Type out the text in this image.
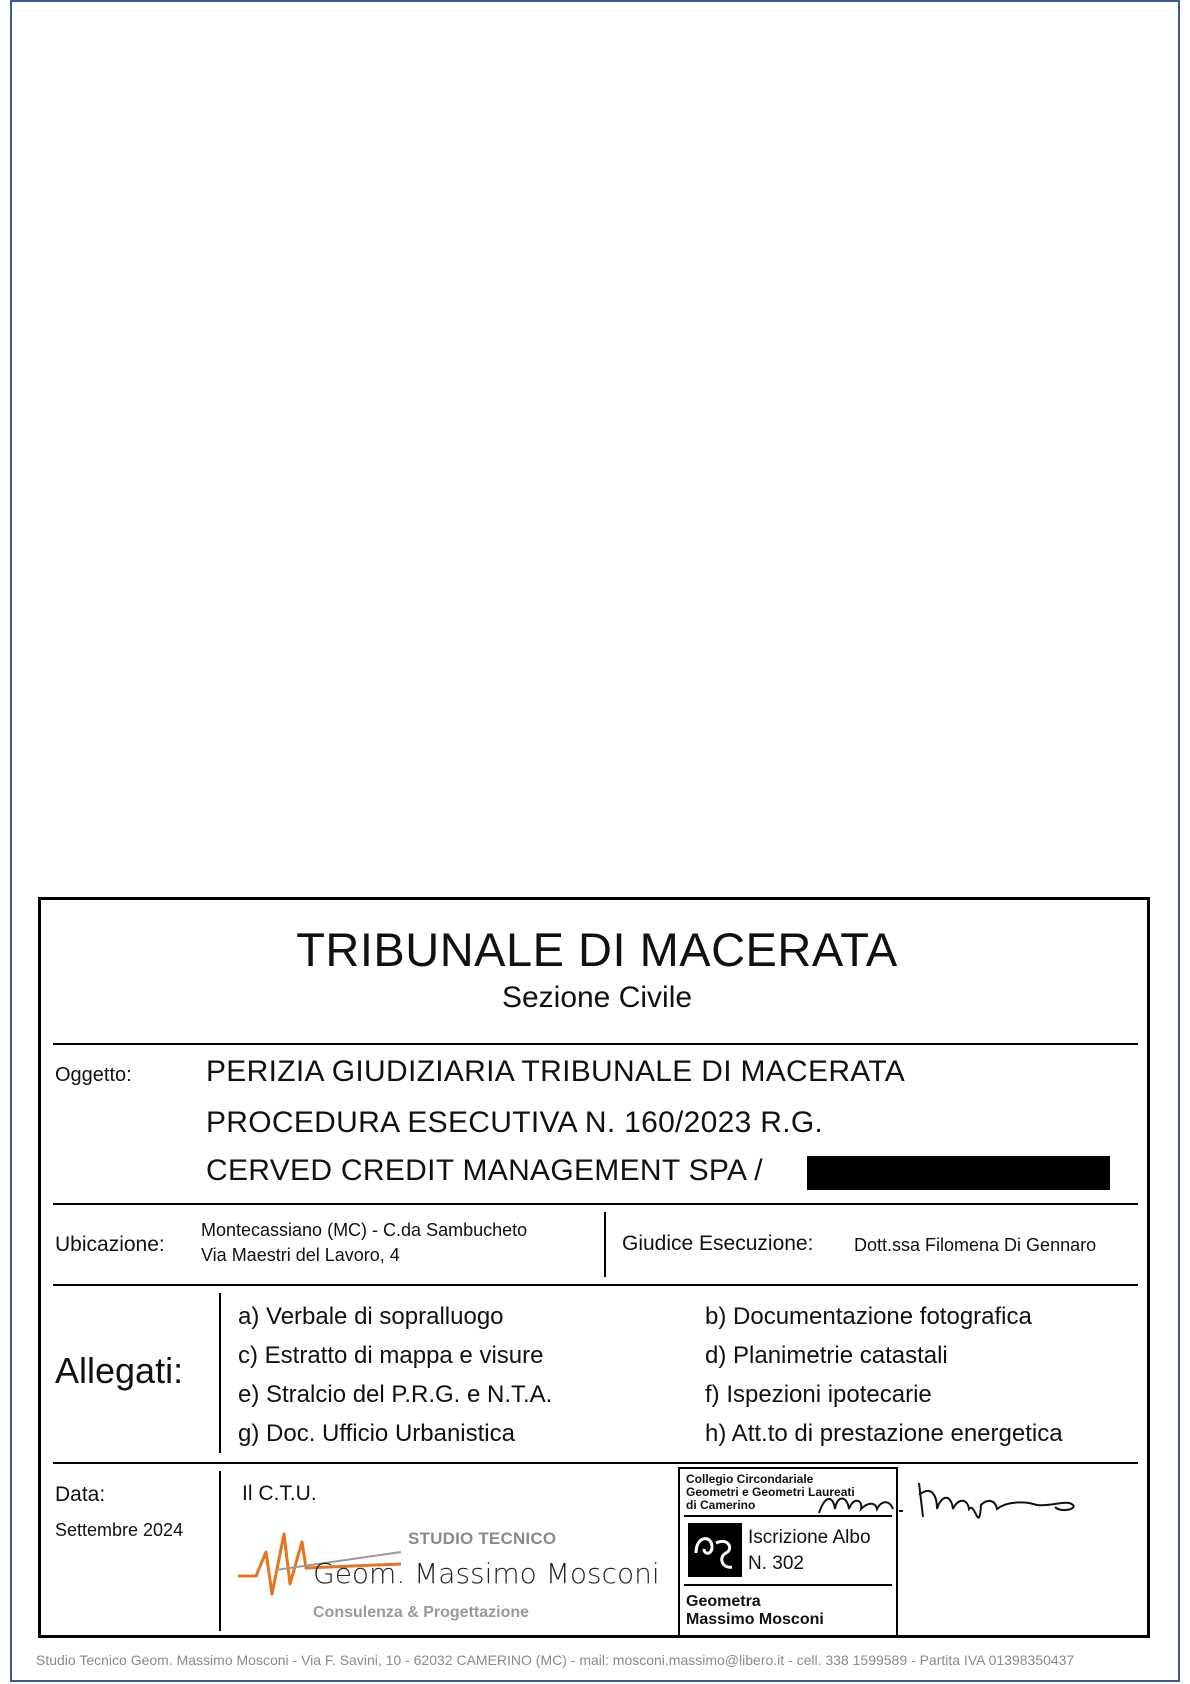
TRIBUNALE DI MACERATA
Sezione Civile
Oggetto: PERIZIA GIUDIZIARIA TRIBUNALE DI MACERATA
PROCEDURA ESECUTIVA N. 160/2023 R.G.
CERVED CREDIT MANAGEMENT SPA /
Ubicazione:
Montecassiano (MC) - C.da Sambucheto
Via Maestri del Lavoro, 4	Giudice Esecuzione: Dott.ssa Filomena Di Gennaro
Allegati:
a) Verbale di sopralluogo	b) Documentazione fotografica
c) Estratto di mappa e visure	d) Planimetrie catastali
e) Stralcio del P.R.G. e N.T.A.	f) Ispezioni ipotecarie
g) Doc. Ufficio Urbanistica	h) Att.to di prestazione energetica
Data:
Settembre 2024
Il C.T.U.
STUDIO TECNICO
Geom. Massimo Mosconi
Consulenza & Progettazione
Collegio Circondariale
Geometri e Geometri Laureati
di Camerino
Iscrizione Albo
N. 302
Geometra
Massimo Mosconi
Studio Tecnico Geom. Massimo Mosconi - Via F. Savini, 10 - 62032 CAMERINO (MC) - mail: mosconi.massimo@libero.it - cell. 338 1599589 - Partita IVA 01398350437
